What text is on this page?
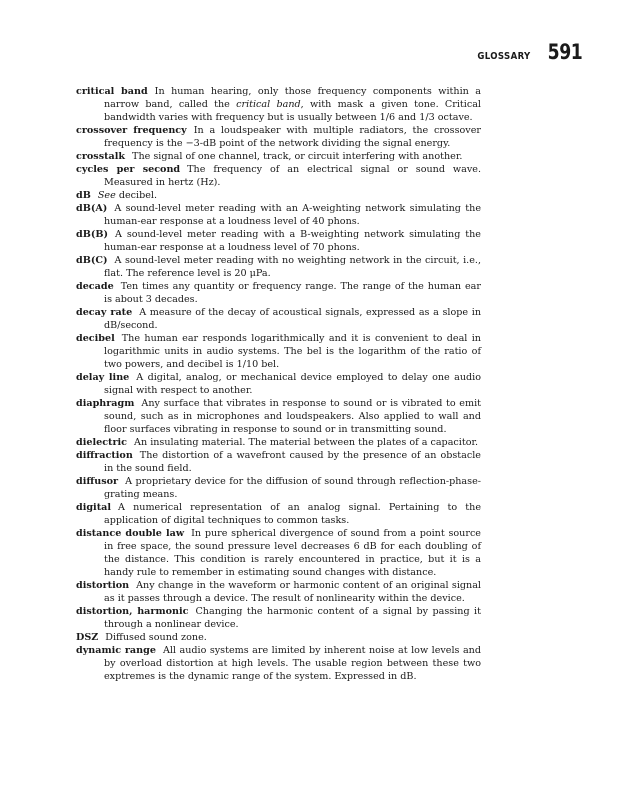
GLOSSARY 591

critical band In human hearing, only those frequency components within a narrow band, called the critical band, with mask a given tone. Critical bandwidth varies with frequency but is usually between 1/6 and 1/3 octave.

crossover frequency In a loudspeaker with multiple radiators, the crossover frequency is the −3-dB point of the network dividing the signal energy.

crosstalk The signal of one channel, track, or circuit interfering with another.

cycles per second The frequency of an electrical signal or sound wave. Measured in hertz (Hz).

dB See decibel.

dB(A) A sound-level meter reading with an A-weighting network simulating the human-ear response at a loudness level of 40 phons.

dB(B) A sound-level meter reading with a B-weighting network simulating the human-ear response at a loudness level of 70 phons.

dB(C) A sound-level meter reading with no weighting network in the circuit, i.e., flat. The reference level is 20 μPa.

decade Ten times any quantity or frequency range. The range of the human ear is about 3 decades.

decay rate A measure of the decay of acoustical signals, expressed as a slope in dB/second.

decibel The human ear responds logarithmically and it is convenient to deal in logarithmic units in audio systems. The bel is the logarithm of the ratio of two powers, and decibel is 1/10 bel.

delay line A digital, analog, or mechanical device employed to delay one audio signal with respect to another.

diaphragm Any surface that vibrates in response to sound or is vibrated to emit sound, such as in microphones and loudspeakers. Also applied to wall and floor surfaces vibrating in response to sound or in transmitting sound.

dielectric An insulating material. The material between the plates of a capacitor.

diffraction The distortion of a wavefront caused by the presence of an obstacle in the sound field.

diffusor A proprietary device for the diffusion of sound through reflection-phase-grating means.

digital A numerical representation of an analog signal. Pertaining to the application of digital techniques to common tasks.

distance double law In pure spherical divergence of sound from a point source in free space, the sound pressure level decreases 6 dB for each doubling of the distance. This condition is rarely encountered in practice, but it is a handy rule to remember in estimating sound changes with distance.

distortion Any change in the waveform or harmonic content of an original signal as it passes through a device. The result of nonlinearity within the device.

distortion, harmonic Changing the harmonic content of a signal by passing it through a nonlinear device.

DSZ Diffused sound zone.

dynamic range All audio systems are limited by inherent noise at low levels and by overload distortion at high levels. The usable region between these two exptremes is the dynamic range of the system. Expressed in dB.
